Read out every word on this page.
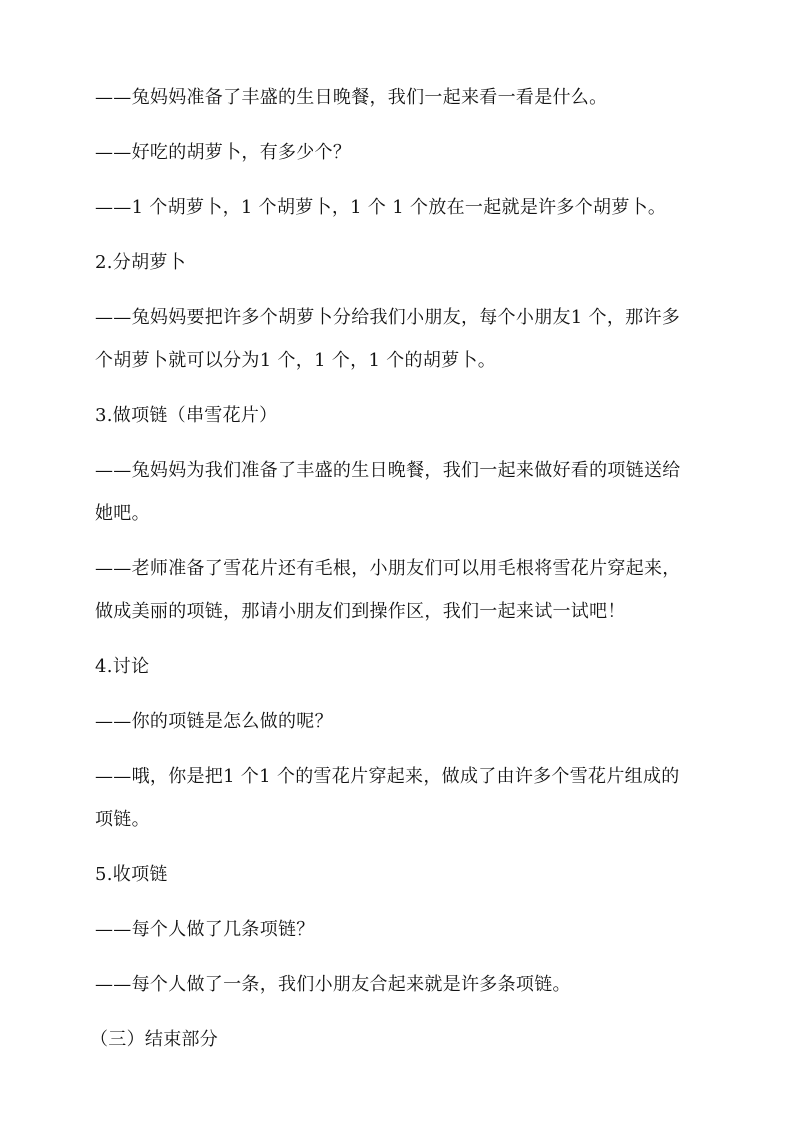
——兔妈妈准备了丰盛的生日晚餐，我们一起来看一看是什么。
——好吃的胡萝卜，有多少个？
——1 个胡萝卜，1 个胡萝卜，1 个 1 个放在一起就是许多个胡萝卜。
2.分胡萝卜
——兔妈妈要把许多个胡萝卜分给我们小朋友，每个小朋友1 个，那许多
个胡萝卜就可以分为1 个，1 个，1 个的胡萝卜。
3.做项链（串雪花片）
——兔妈妈为我们准备了丰盛的生日晚餐，我们一起来做好看的项链送给
她吧。
——老师准备了雪花片还有毛根，小朋友们可以用毛根将雪花片穿起来，
做成美丽的项链，那请小朋友们到操作区，我们一起来试一试吧！
4.讨论
——你的项链是怎么做的呢？
——哦，你是把1 个1 个的雪花片穿起来，做成了由许多个雪花片组成的
项链。
5.收项链
——每个人做了几条项链？
——每个人做了一条，我们小朋友合起来就是许多条项链。
（三）结束部分
